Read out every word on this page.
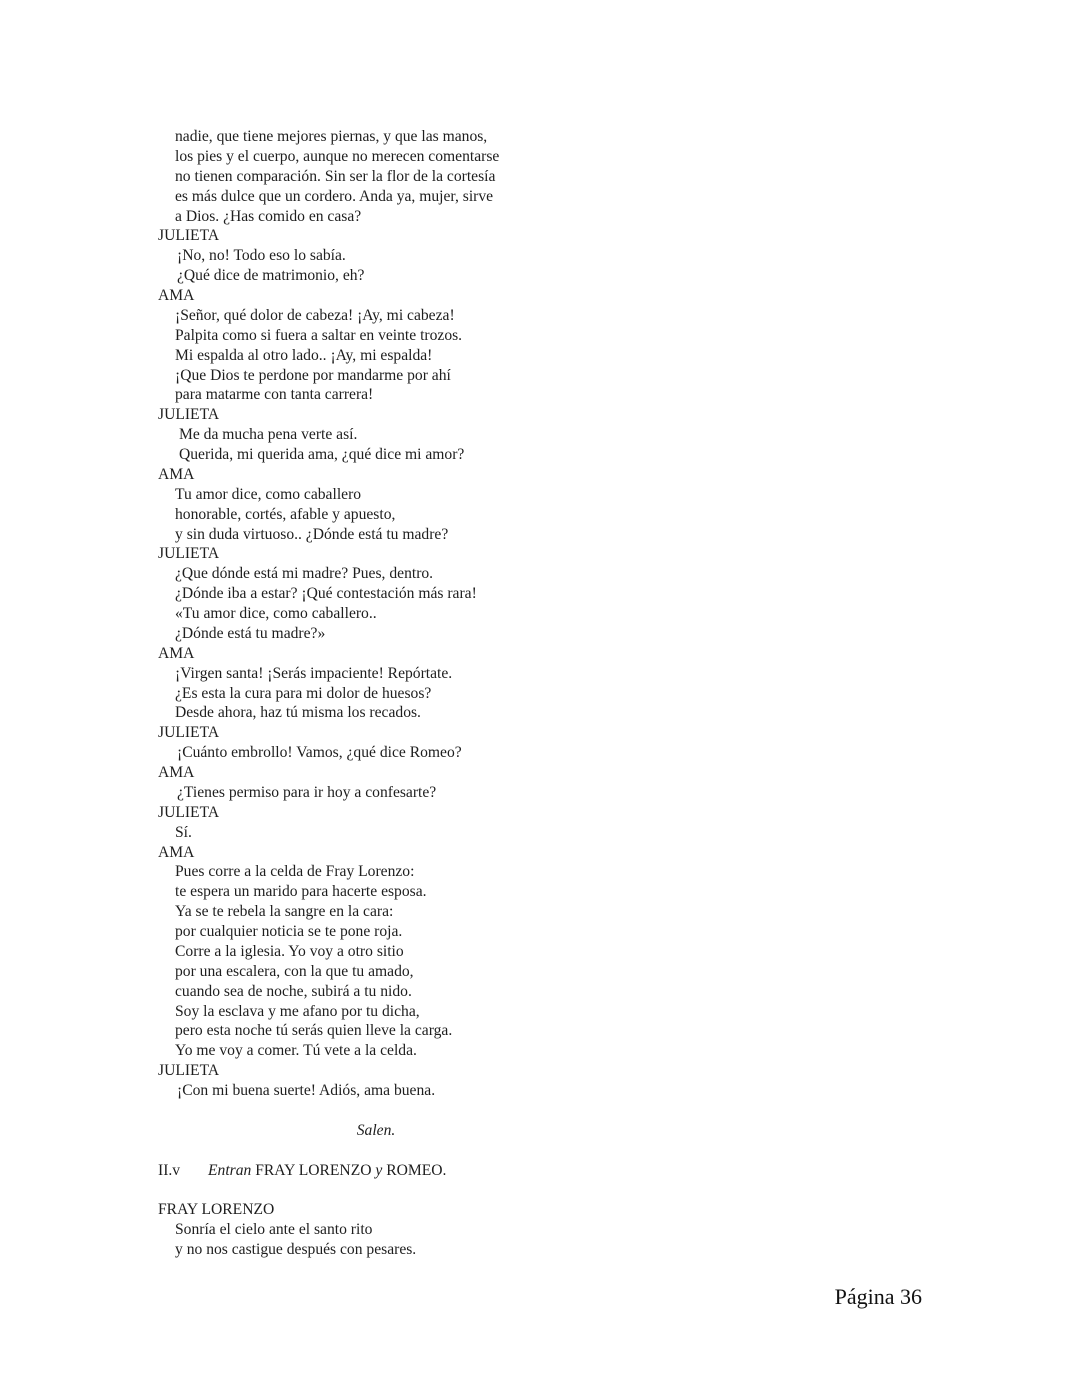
nadie, que tiene mejores piernas, y que las manos,
los pies y el cuerpo, aunque no merecen comentarse
no tienen comparación. Sin ser la flor de la cortesía
es más dulce que un cordero. Anda ya, mujer, sirve
a Dios. ¿Has comido en casa?
JULIETA
¡No, no! Todo eso lo sabía.
¿Qué dice de matrimonio, eh?
AMA
¡Señor, qué dolor de cabeza! ¡Ay, mi cabeza!
Palpita como si fuera a saltar en veinte trozos.
Mi espalda al otro lado.. ¡Ay, mi espalda!
¡Que Dios te perdone por mandarme por ahí
para matarme con tanta carrera!
JULIETA
Me da mucha pena verte así.
Querida, mi querida ama, ¿qué dice mi amor?
AMA
Tu amor dice, como caballero
honorable, cortés, afable y apuesto,
y sin duda virtuoso.. ¿Dónde está tu madre?
JULIETA
¿Que dónde está mi madre? Pues, dentro.
¿Dónde iba a estar? ¡Qué contestación más rara!
«Tu amor dice, como caballero..
¿Dónde está tu madre?»
AMA
¡Virgen santa! ¡Serás impaciente! Repórtate.
¿Es esta la cura para mi dolor de huesos?
Desde ahora, haz tú misma los recados.
JULIETA
¡Cuánto embrollo! Vamos, ¿qué dice Romeo?
AMA
¿Tienes permiso para ir hoy a confesarte?
JULIETA
Sí.
AMA
Pues corre a la celda de Fray Lorenzo:
te espera un marido para hacerte esposa.
Ya se te rebela la sangre en la cara:
por cualquier noticia se te pone roja.
Corre a la iglesia. Yo voy a otro sitio
por una escalera, con la que tu amado,
cuando sea de noche, subirá a tu nido.
Soy la esclava y me afano por tu dicha,
pero esta noche tú serás quien lleve la carga.
Yo me voy a comer. Tú vete a la celda.
JULIETA
¡Con mi buena suerte! Adiós, ama buena.
Salen.
II.v Entran FRAY LORENZO y ROMEO.
FRAY LORENZO
Sonría el cielo ante el santo rito
y no nos castigue después con pesares.
Página 36
